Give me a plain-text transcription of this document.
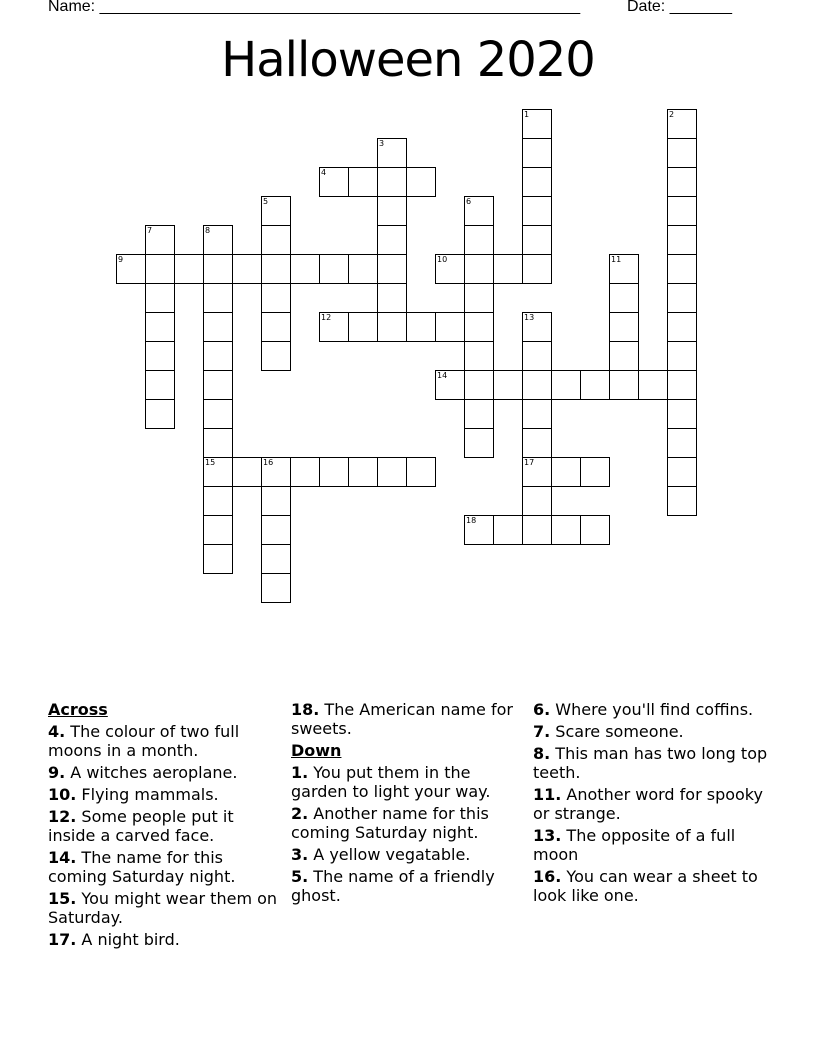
Name: ______________________________________________________	Date: _______
Halloween 2020
1	2
3
4
5	6
7	8
15
9	10	11
12	13
17
14
16
18
Across
4. The colour of two full moons in a month.
9. A witches aeroplane.
10. Flying mammals.
12. Some people put it inside a carved face.
14. The name for this coming Saturday night.
15. You might wear them on Saturday.
17. A night bird.
18. The American name for sweets.
Down
1. You put them in the garden to light your way.
2. Another name for this coming Saturday night.
3. A yellow vegatable.
5. The name of a friendly ghost.
6. Where you'll find coffins.
7. Scare someone.
8. This man has two long top teeth.
11. Another word for spooky or strange.
13. The opposite of a full moon
16. You can wear a sheet to look like one.
